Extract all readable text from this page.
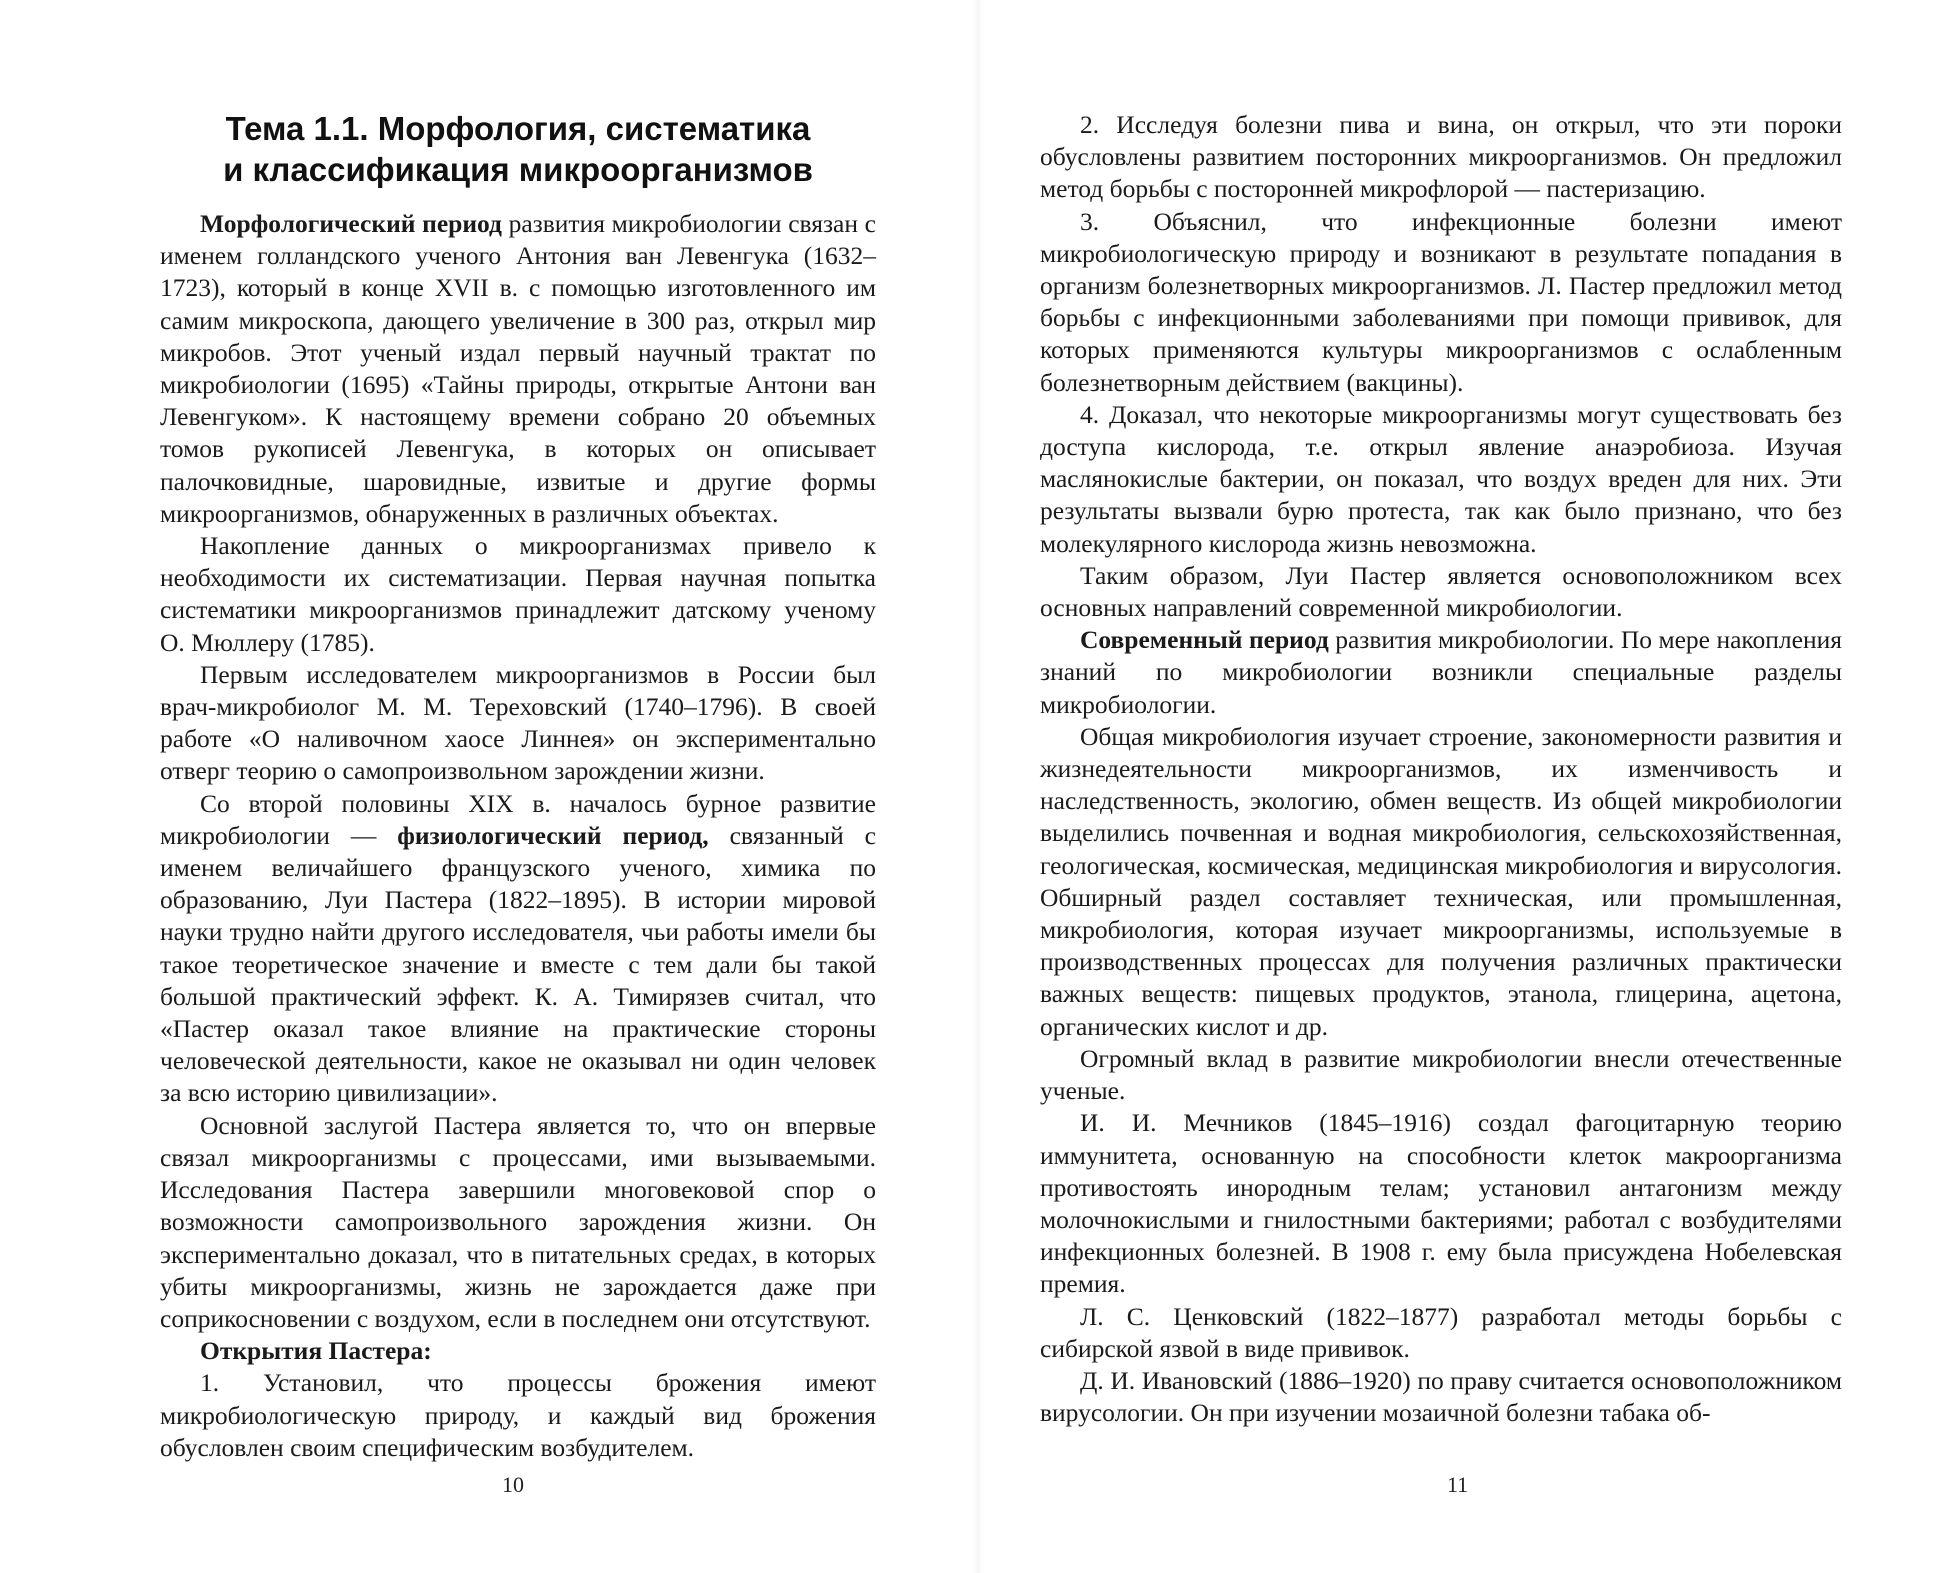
Тема 1.1. Морфология, систематика
и классификация микроорганизмов

Морфологический период развития микробиологии связан с именем голландского ученого Антония ван Левенгука (1632–1723), который в конце XVII в. с помощью изготовленного им самим микроскопа, дающего увеличение в 300 раз, открыл мир микробов. Этот ученый издал первый научный трактат по микробиологии (1695) «Тайны природы, открытые Антони ван Левенгуком». К настоящему времени собрано 20 объемных томов рукописей Левенгука, в которых он описывает палочковидные, шаровидные, извитые и другие формы микроорганизмов, обнаруженных в различных объектах.

Накопление данных о микроорганизмах привело к необходимости их систематизации. Первая научная попытка систематики микроорганизмов принадлежит датскому ученому О. Мюллеру (1785).

Первым исследователем микроорганизмов в России был врач-микробиолог М. М. Тереховский (1740–1796). В своей работе «О наливочном хаосе Линнея» он экспериментально отверг теорию о самопроизвольном зарождении жизни.

Со второй половины XIX в. началось бурное развитие микробиологии — физиологический период, связанный с именем величайшего французского ученого, химика по образованию, Луи Пастера (1822–1895). В истории мировой науки трудно найти другого исследователя, чьи работы имели бы такое теоретическое значение и вместе с тем дали бы такой большой практический эффект. К. А. Тимирязев считал, что «Пастер оказал такое влияние на практические стороны человеческой деятельности, какое не оказывал ни один человек за всю историю цивилизации».

Основной заслугой Пастера является то, что он впервые связал микроорганизмы с процессами, ими вызываемыми. Исследования Пастера завершили многовековой спор о возможности самопроизвольного зарождения жизни. Он экспериментально доказал, что в питательных средах, в которых убиты микроорганизмы, жизнь не зарождается даже при соприкосновении с воздухом, если в последнем они отсутствуют.

Открытия Пастера:

1. Установил, что процессы брожения имеют микробиологическую природу, и каждый вид брожения обусловлен своим специфическим возбудителем.

10

2. Исследуя болезни пива и вина, он открыл, что эти пороки обусловлены развитием посторонних микроорганизмов. Он предложил метод борьбы с посторонней микрофлорой — пастеризацию.

3. Объяснил, что инфекционные болезни имеют микробиологическую природу и возникают в результате попадания в организм болезнетворных микроорганизмов. Л. Пастер предложил метод борьбы с инфекционными заболеваниями при помощи прививок, для которых применяются культуры микроорганизмов с ослабленным болезнетворным действием (вакцины).

4. Доказал, что некоторые микроорганизмы могут существовать без доступа кислорода, т.е. открыл явление анаэробиоза. Изучая маслянокислые бактерии, он показал, что воздух вреден для них. Эти результаты вызвали бурю протеста, так как было признано, что без молекулярного кислорода жизнь невозможна.

Таким образом, Луи Пастер является основоположником всех основных направлений современной микробиологии.

Современный период развития микробиологии. По мере накопления знаний по микробиологии возникли специальные разделы микробиологии.

Общая микробиология изучает строение, закономерности развития и жизнедеятельности микроорганизмов, их изменчивость и наследственность, экологию, обмен веществ. Из общей микробиологии выделились почвенная и водная микробиология, сельскохозяйственная, геологическая, космическая, медицинская микробиология и вирусология. Обширный раздел составляет техническая, или промышленная, микробиология, которая изучает микроорганизмы, используемые в производственных процессах для получения различных практически важных веществ: пищевых продуктов, этанола, глицерина, ацетона, органических кислот и др.

Огромный вклад в развитие микробиологии внесли отечественные ученые.

И. И. Мечников (1845–1916) создал фагоцитарную теорию иммунитета, основанную на способности клеток макроорганизма противостоять инородным телам; установил антагонизм между молочнокислыми и гнилостными бактериями; работал с возбудителями инфекционных болезней. В 1908 г. ему была присуждена Нобелевская премия.

Л. С. Ценковский (1822–1877) разработал методы борьбы с сибирской язвой в виде прививок.

Д. И. Ивановский (1886–1920) по праву считается основоположником вирусологии. Он при изучении мозаичной болезни табака об-

11
